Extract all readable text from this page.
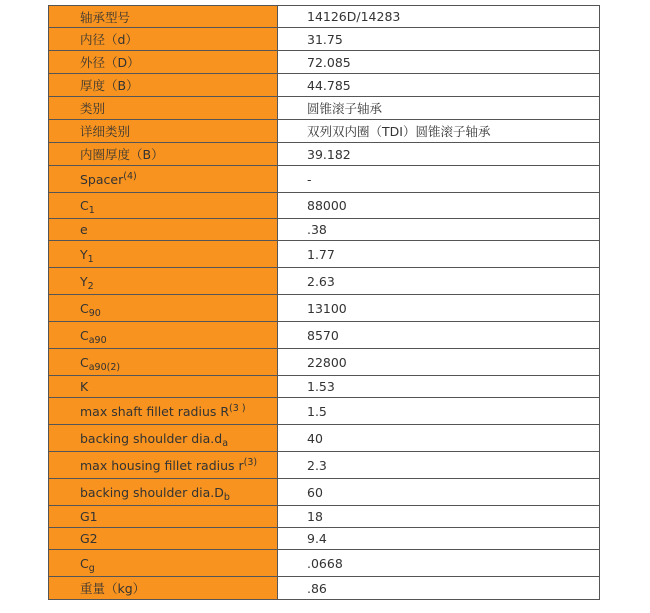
轴承型号	14126D/14283
内径（d）	31.75
外径（D）	72.085
厚度（B）	44.785
类别	圆锥滚子轴承
详细类别	双列双内圈（TDI）圆锥滚子轴承
内圈厚度（B）	39.182
Spacer$^{(4)}$	-
$C_1$	88000
e	.38
$Y_1$	1.77
$Y_2$	2.63
$C_{90}$	13100
$C_{a90}$	8570
$C_{a90(2)}$	22800
K	1.53
max shaft fillet radius $R^{(3 )}$	1.5
backing shoulder $dia.d_a$	40
max housing fillet radius $r^{(3)}$	2.3
backing shoulder $dia.D_b$	60
G1	18
G2	9.4
$C_g$	.0668
重量（kg）	.86
